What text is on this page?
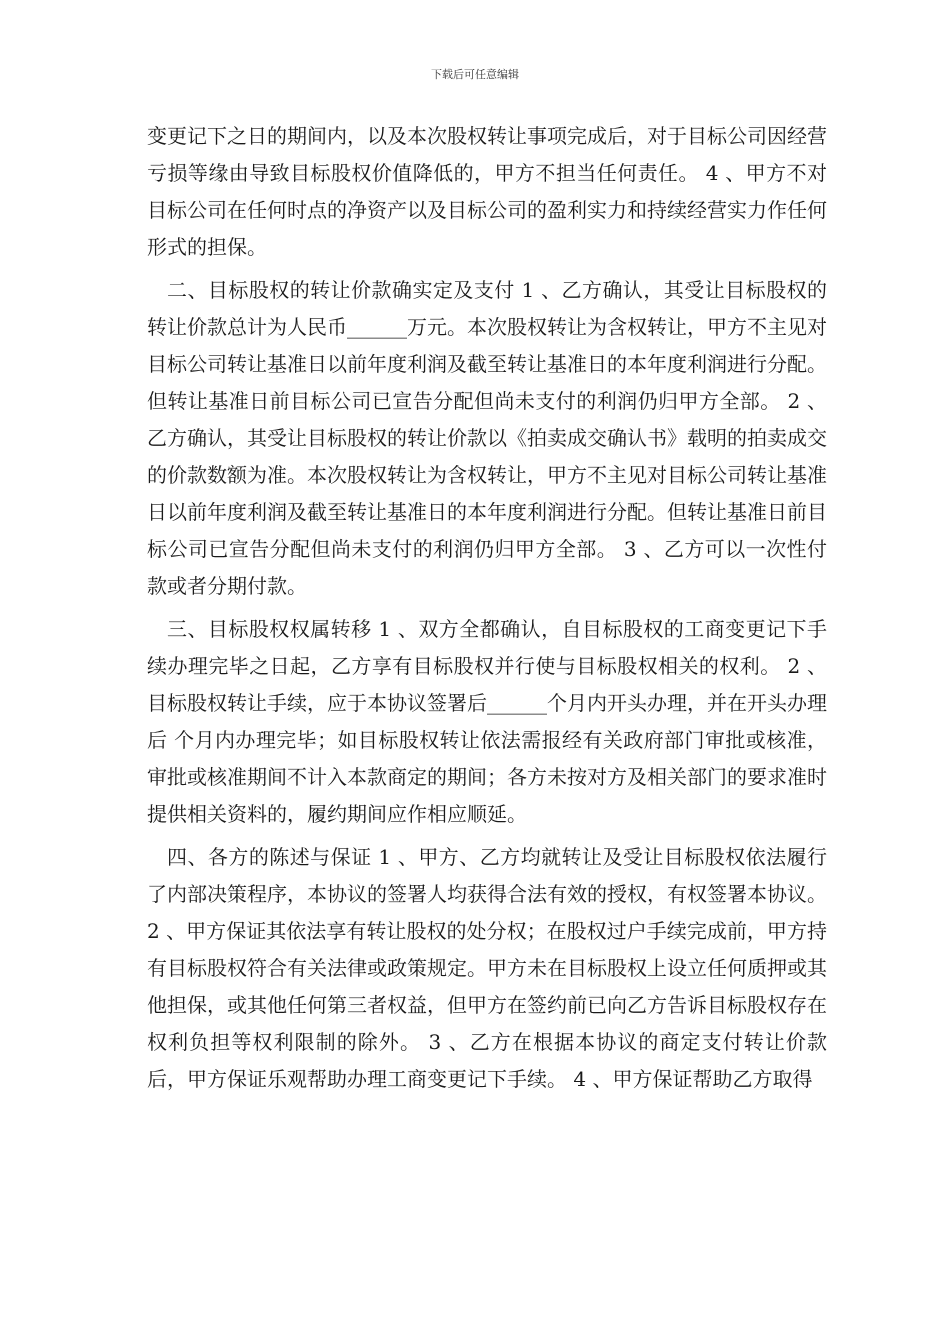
下载后可任意编辑

变更记下之日的期间内，以及本次股权转让事项完成后，对于目标公司因经营亏损等缘由导致目标股权价值降低的，甲方不担当任何责任。 4 、甲方不对目标公司在任何时点的净资产以及目标公司的盈利实力和持续经营实力作任何形式的担保。

二、目标股权的转让价款确实定及支付 1 、乙方确认，其受让目标股权的转让价款总计为人民币______万元。本次股权转让为含权转让，甲方不主见对目标公司转让基准日以前年度利润及截至转让基准日的本年度利润进行分配。但转让基准日前目标公司已宣告分配但尚未支付的利润仍归甲方全部。 2 、乙方确认，其受让目标股权的转让价款以《拍卖成交确认书》载明的拍卖成交的价款数额为准。本次股权转让为含权转让，甲方不主见对目标公司转让基准日以前年度利润及截至转让基准日的本年度利润进行分配。但转让基准日前目标公司已宣告分配但尚未支付的利润仍归甲方全部。 3 、乙方可以一次性付款或者分期付款。

三、目标股权权属转移 1 、双方全都确认，自目标股权的工商变更记下手续办理完毕之日起，乙方享有目标股权并行使与目标股权相关的权利。 2 、目标股权转让手续，应于本协议签署后______个月内开头办理，并在开头办理后 个月内办理完毕；如目标股权转让依法需报经有关政府部门审批或核准，审批或核准期间不计入本款商定的期间；各方未按对方及相关部门的要求准时提供相关资料的，履约期间应作相应顺延。

四、各方的陈述与保证 1 、甲方、乙方均就转让及受让目标股权依法履行了内部决策程序，本协议的签署人均获得合法有效的授权，有权签署本协议。 2 、甲方保证其依法享有转让股权的处分权；在股权过户手续完成前，甲方持有目标股权符合有关法律或政策规定。甲方未在目标股权上设立任何质押或其他担保，或其他任何第三者权益，但甲方在签约前已向乙方告诉目标股权存在权利负担等权利限制的除外。 3 、乙方在根据本协议的商定支付转让价款后，甲方保证乐观帮助办理工商变更记下手续。 4 、甲方保证帮助乙方取得
